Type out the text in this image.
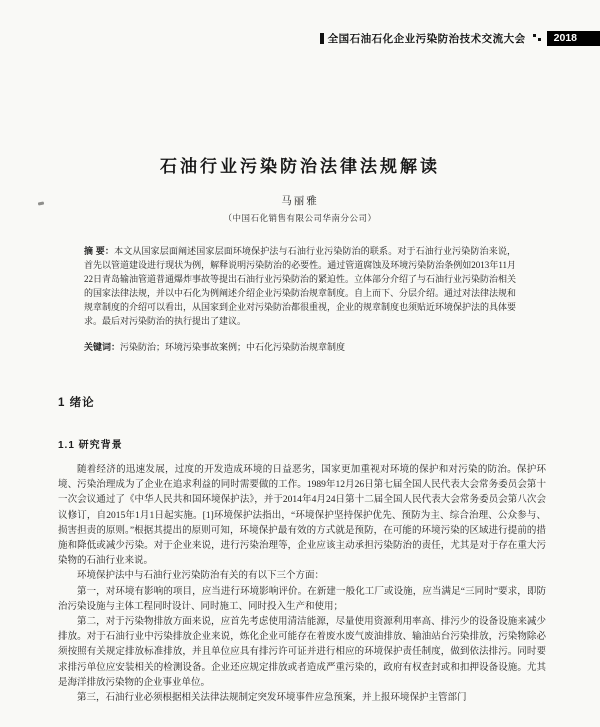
全国石油石化企业污染防治技术交流大会	2018
石油行业污染防治法律法规解读
马丽雅
（中国石化销售有限公司华南分公司）
摘 要：本文从国家层面阐述国家层面环境保护法与石油行业污染防治的联系。对于石油行业污染防治来说，首先以管道建设进行现状为例，解释说明污染防治的必要性。通过管道腐蚀及环境污染防治条例如2013年11月22日青岛输油管道普通爆炸事故等提出石油行业污染防治的紧迫性。立体部分介绍了与石油行业污染防治相关的国家法律法规，并以中石化为例阐述介绍企业污染防治规章制度。自上而下、分层介绍。通过对法律法规和规章制度的介绍可以看出，从国家到企业对污染防治都很重视，企业的规章制度也须贴近环境保护法的具体要求。最后对污染防治的执行提出了建议。
关键词：污染防治；环境污染事故案例；中石化污染防治规章制度
1 绪论
1.1 研究背景

随着经济的迅速发展，过度的开发造成环境的日益恶劣，国家更加重视对环境的保护和对污染的防治。保护环境、污染治理成为了企业在追求利益的同时需要做的工作。1989年12月26日第七届全国人民代表大会常务委员会第十一次会议通过了《中华人民共和国环境保护法》，并于2014年4月24日第十二届全国人民代表大会常务委员会第八次会议修订，自2015年1月1日起实施。[1]环境保护法指出，“环境保护坚持保护优先、预防为主、综合治理、公众参与、损害担责的原则。”根据其提出的原则可知，环境保护最有效的方式就是预防，在可能的环境污染的区域进行提前的措施和降低或减少污染。对于企业来说，进行污染治理等，企业应该主动承担污染防治的责任，尤其是对于存在重大污染物的石油行业来说。

环境保护法中与石油行业污染防治有关的有以下三个方面：

第一，对环境有影响的项目，应当进行环境影响评价。在新建一般化工厂或设施，应当满足“三同时”要求，即防治污染设施与主体工程同时设计、同时施工、同时投入生产和使用；

第二，对于污染物排放方面来说，应首先考虑使用清洁能源，尽量使用资源利用率高、排污少的设备设施来减少排放。对于石油行业中污染排放企业来说，炼化企业可能存在着废水废气废油排放、输油站台污染排放，污染物除必须按照有关规定排放标准排放，并且单位应具有排污许可证并进行相应的环境保护责任制度，做到依法排污。同时要求排污单位应安装相关的检测设备。企业还应规定排放或者造成严重污染的，政府有权查封或和扣押设备设施。尤其是海洋排放污染物的企业事业单位。

第三，石油行业必须根据相关法律法规制定突发环境事件应急预案，并上报环境保护主管部门
